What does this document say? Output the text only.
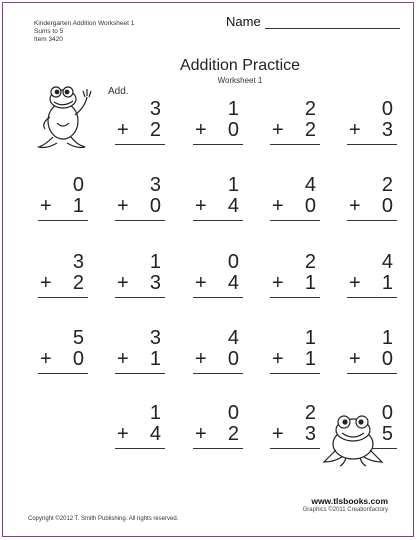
Kindergarten Addition Worksheet 1
Sums to 5
Item 3420
Name
Addition Practice
Worksheet 1
Add.
3
+ 2
1
+ 0
2
+ 2
0
+ 3
0
+ 1
3
+ 0
1
+ 4
4
+ 0
2
+ 0
3
+ 2
1
+ 3
0
+ 4
2
+ 1
4
+ 1
5
+ 0
3
+ 1
4
+ 0
1
+ 1
1
+ 0
1
+ 4
0
+ 2
2
+ 3
0
5
www.tlsbooks.com
Graphics ©2011 Creationfactory
Copyright ©2012 T. Smith Publishing. All rights reserved.
